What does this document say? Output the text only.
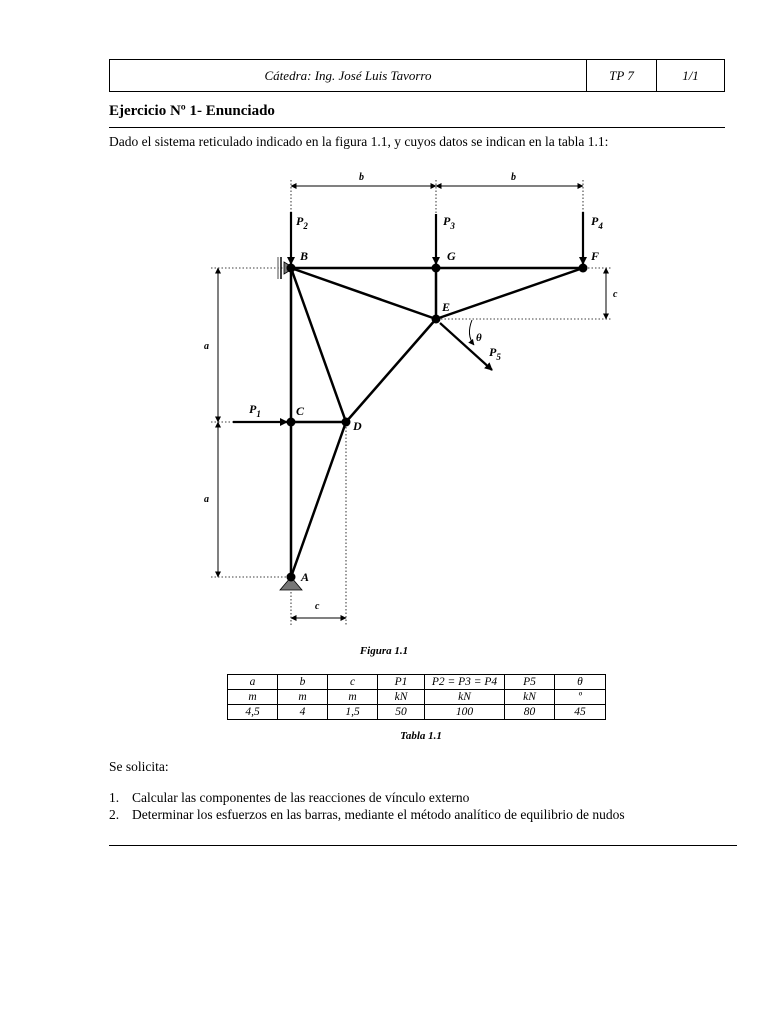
Cátedra: Ing. José Luis Tavorro	TP 7	1/1
Ejercicio Nº 1- Enunciado
Dado el sistema reticulado indicado en la figura 1.1, y cuyos datos se indican en la tabla 1.1:
B	G	F
E
C
D
A
$P_2$	$P_3$	$P_4$
$P_1$
$P_5$
b	b
a
a
c
c
θ
Figura 1.1
a	b	c	P1	P2 = P3 = P4	P5	θ
m	m	m	kN	kN	kN	º
4,5	4	1,5	50	100	80	45
Tabla 1.1
Se solicita:
1. Calcular las componentes de las reacciones de vínculo externo
2. Determinar los esfuerzos en las barras, mediante el método analítico de equilibrio de nudos
